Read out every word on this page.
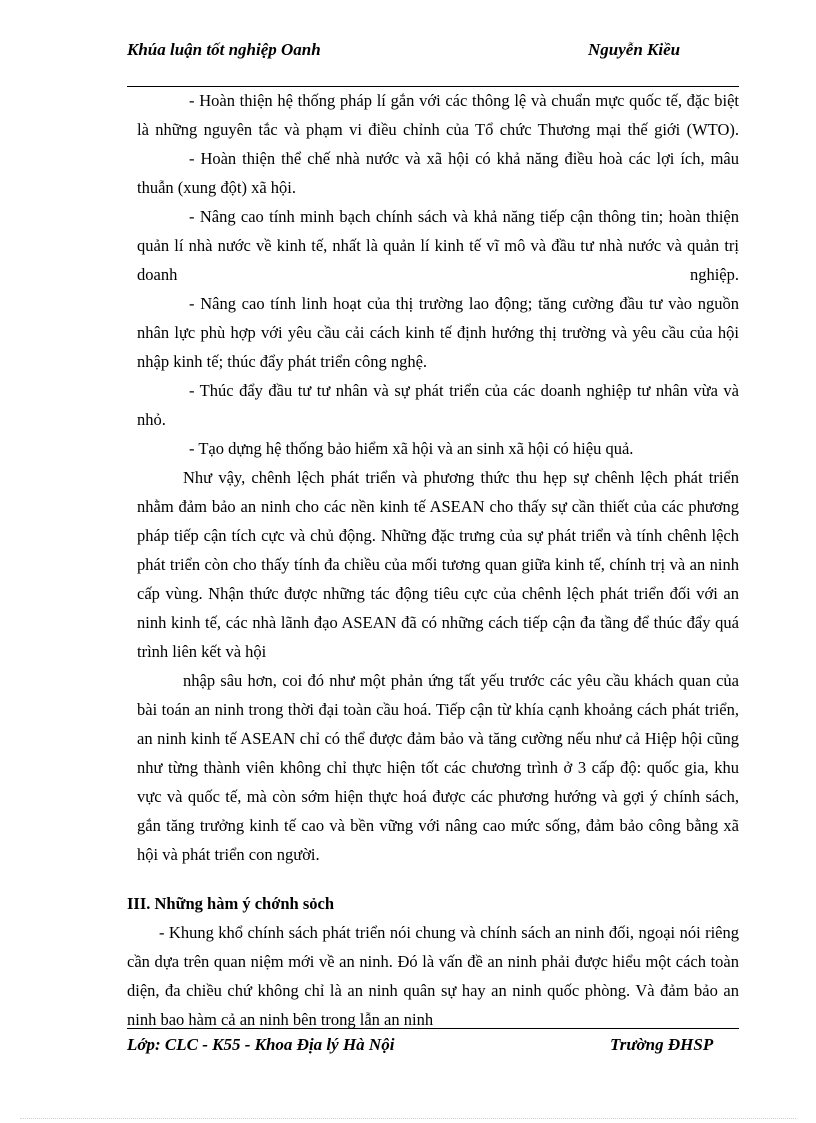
Khúa luận tốt nghiệp Oanh	Nguyễn Kiều

- Hoàn thiện hệ thống pháp lí gắn với các thông lệ và chuẩn mực quốc tế, đặc biệt là những nguyên tắc và phạm vi điều chỉnh của Tổ chức Thương mại thế giới (WTO).

- Hoàn thiện thể chế nhà nước và xã hội có khả năng điều hoà các lợi ích, mâu thuẫn (xung đột) xã hội.

- Nâng cao tính minh bạch chính sách và khả năng tiếp cận thông tin; hoàn thiện quản lí nhà nước về kinh tế, nhất là quản lí kinh tế vĩ mô và đầu tư nhà nước và quản trị doanh nghiệp.

- Nâng cao tính linh hoạt của thị trường lao động; tăng cường đầu tư vào nguồn nhân lực phù hợp với yêu cầu cải cách kinh tế định hướng thị trường và yêu cầu của hội nhập kinh tế; thúc đẩy phát triển công nghệ.

- Thúc đẩy đầu tư tư nhân và sự phát triển của các doanh nghiệp tư nhân vừa và nhỏ.

- Tạo dựng hệ thống bảo hiểm xã hội và an sinh xã hội có hiệu quả.

Như vậy, chênh lệch phát triển và phương thức thu hẹp sự chênh lệch phát triển nhằm đảm bảo an ninh cho các nền kinh tế ASEAN cho thấy sự cần thiết của các phương pháp tiếp cận tích cực và chủ động. Những đặc trưng của sự phát triển và tính chênh lệch phát triển còn cho thấy tính đa chiều của mối tương quan giữa kinh tế, chính trị và an ninh cấp vùng. Nhận thức được những tác động tiêu cực của chênh lệch phát triển đối với an ninh kinh tế, các nhà lãnh đạo ASEAN đã có những cách tiếp cận đa tầng để thúc đẩy quá trình liên kết và hội

nhập sâu hơn, coi đó như một phản ứng tất yếu trước các yêu cầu khách quan của bài toán an ninh trong thời đại toàn cầu hoá. Tiếp cận từ khía cạnh khoảng cách phát triển, an ninh kinh tế ASEAN chỉ có thể được đảm bảo và tăng cường nếu như cả Hiệp hội cũng như từng thành viên không chỉ thực hiện tốt các chương trình ở 3 cấp độ: quốc gia, khu vực và quốc tế, mà còn sớm hiện thực hoá được các phương hướng và gợi ý chính sách, gắn tăng trưởng kinh tế cao và bền vững với nâng cao mức sống, đảm bảo công bằng xã hội và phát triển con người.

III. Những hàm ý chớnh sỏch

- Khung khổ chính sách phát triển nói chung và chính sách an ninh đối, ngoại nói riêng cần dựa trên quan niệm mới về an ninh. Đó là vấn đề an ninh phải được hiểu một cách toàn diện, đa chiều chứ không chỉ là an ninh quân sự hay an ninh quốc phòng. Và đảm bảo an ninh bao hàm cả an ninh bên trong lẫn an ninh

Lớp: CLC - K55 - Khoa Địa lý Hà Nội	Trường ĐHSP
